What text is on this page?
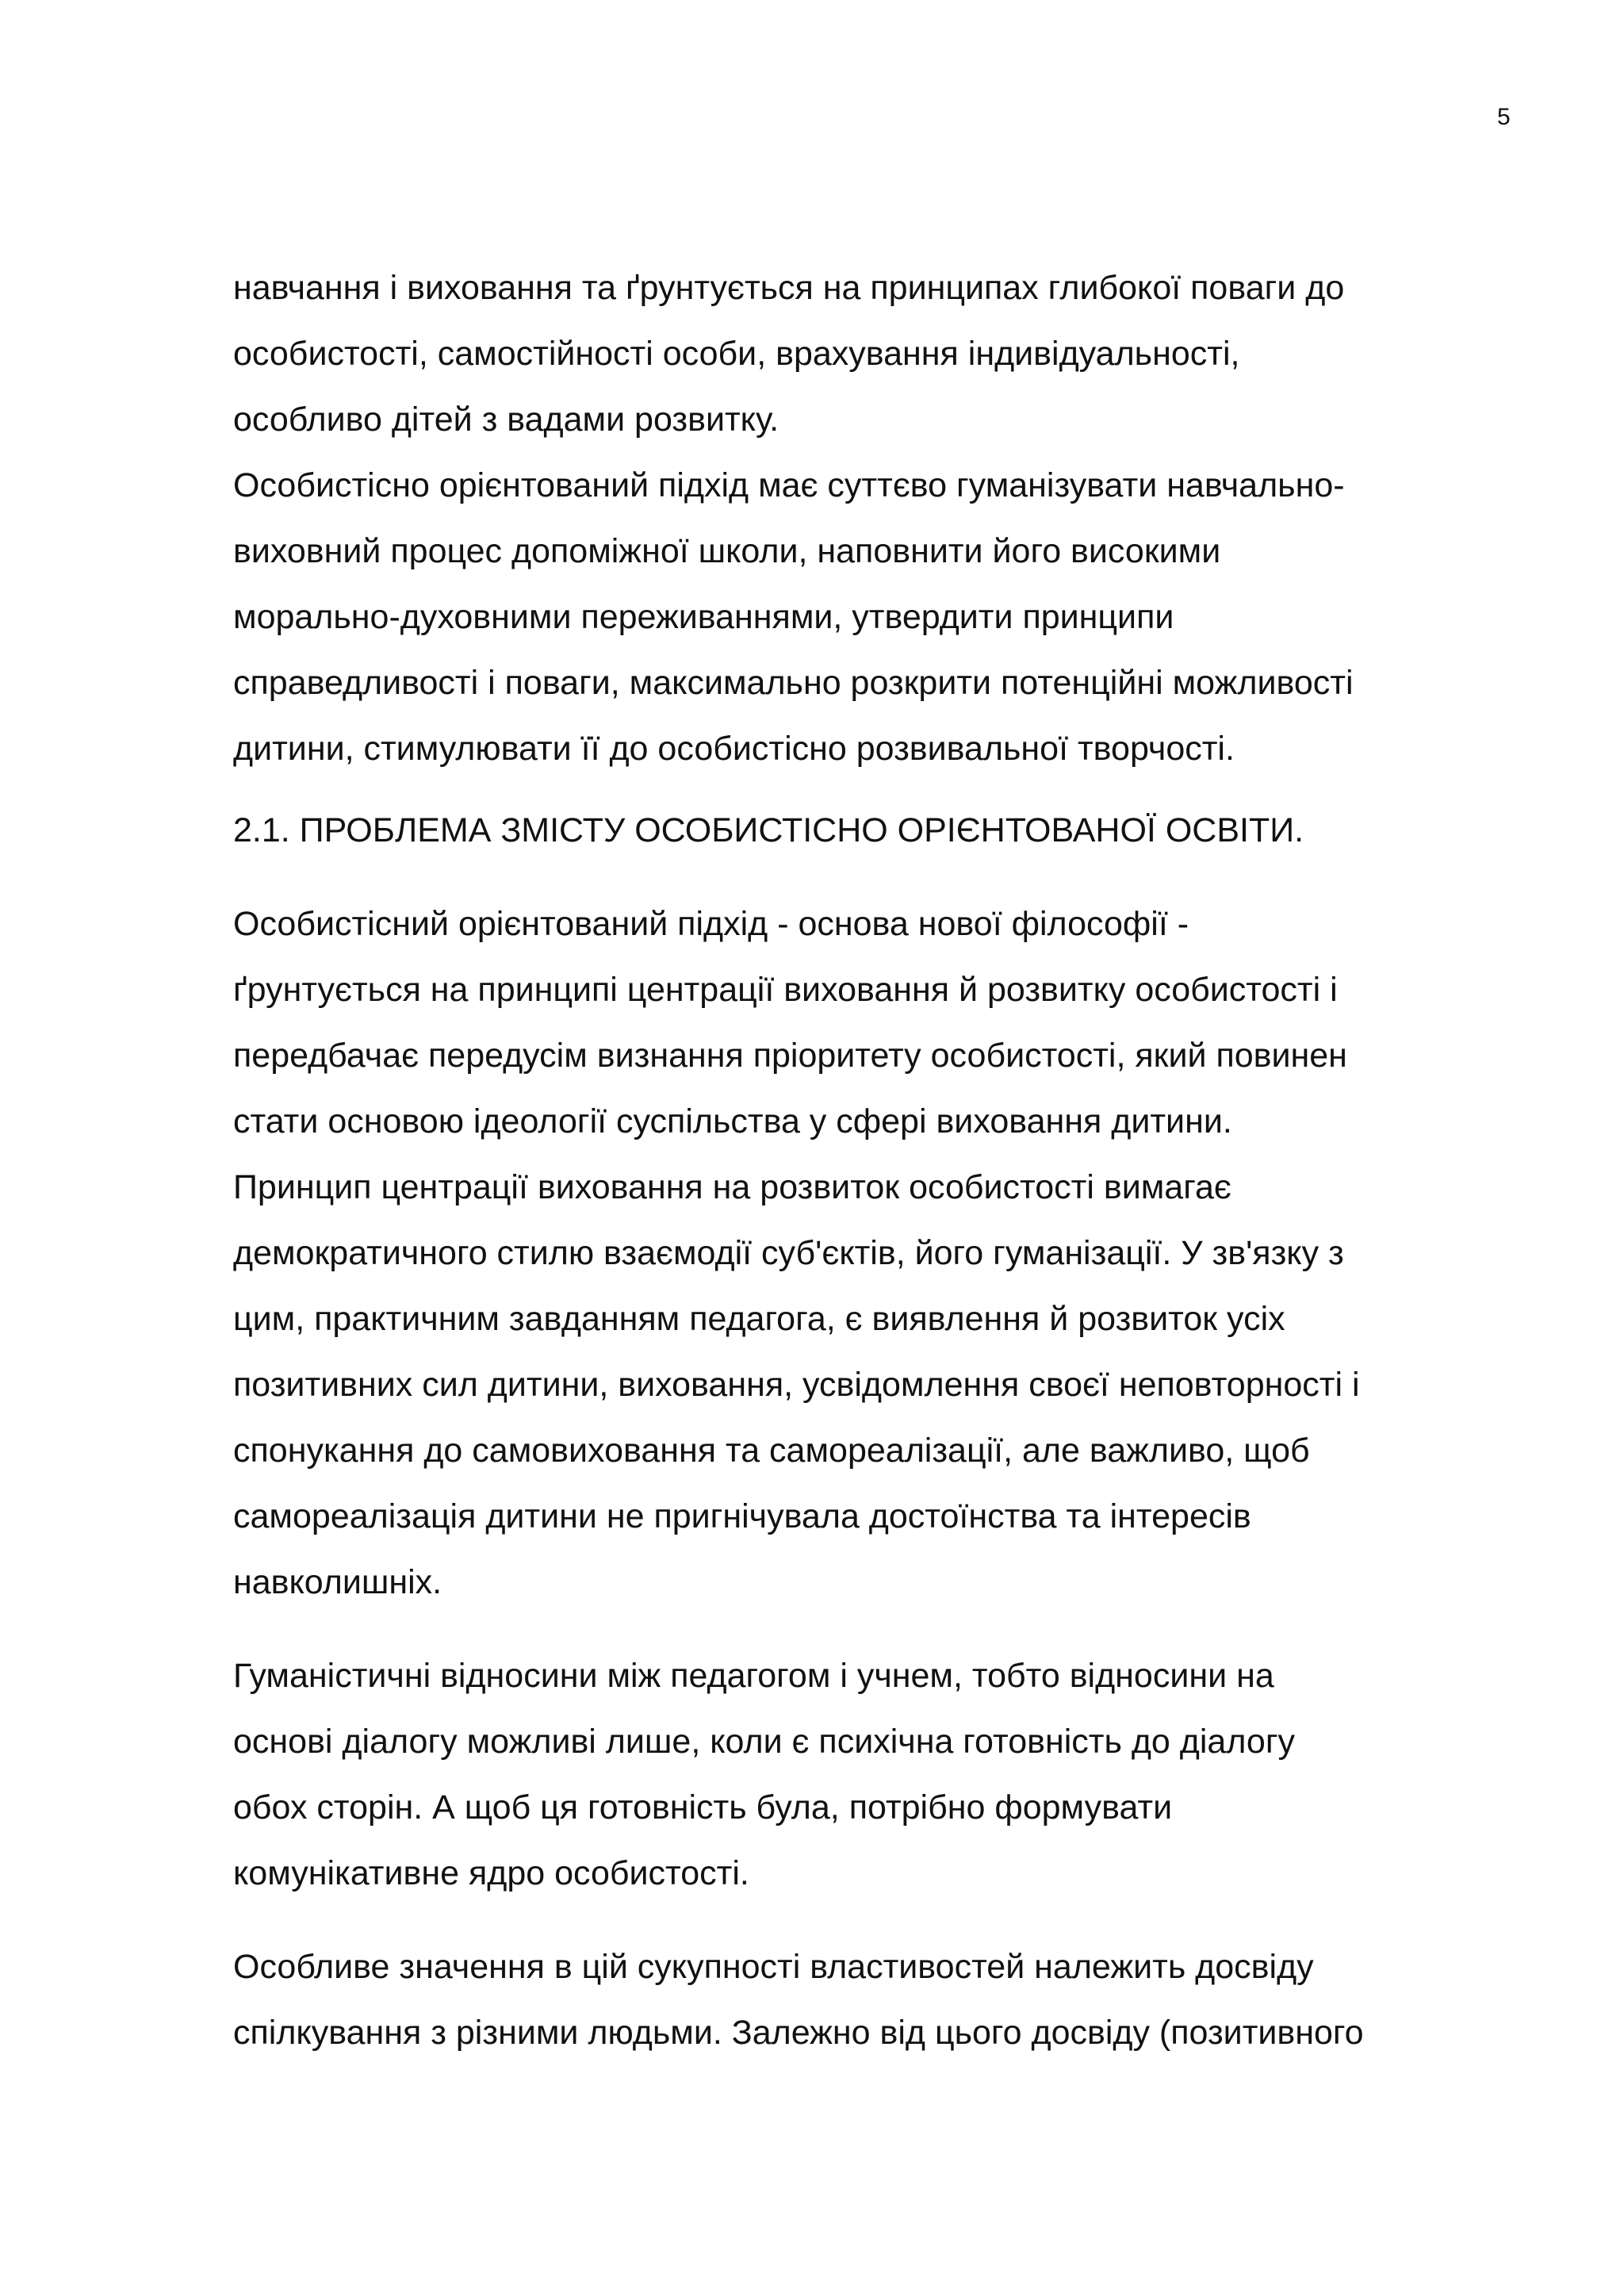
5
навчання і виховання та ґрунтується на принципах глибокої поваги до
особистості, самостійності особи, врахування індивідуальності,
особливо дітей з вадами розвитку.
Особистісно орієнтований підхід має суттєво гуманізувати навчально-
виховний процес допоміжної школи, наповнити його високими
морально-духовними переживаннями, утвердити принципи
справедливості і поваги, максимально розкрити потенційні можливості
дитини, стимулювати її до особистісно розвивальної творчості.
2.1. ПРОБЛЕМА ЗМІСТУ ОСОБИСТІСНО ОРІЄНТОВАНОЇ ОСВІТИ.
Особистісний орієнтований підхід - основа нової філософії -
ґрунтується на принципі центрації виховання й розвитку особистості і
передбачає передусім визнання пріоритету особистості, який повинен
стати основою ідеології суспільства у сфері виховання дитини.
Принцип центрації виховання на розвиток особистості вимагає
демократичного стилю взаємодії суб'єктів, його гуманізації. У зв'язку з
цим, практичним завданням педагога, є виявлення й розвиток усіх
позитивних сил дитини, виховання, усвідомлення своєї неповторності і
спонукання до самовиховання та самореалізації, але важливо, щоб
самореалізація дитини не пригнічувала достоїнства та інтересів
навколишніх.
Гуманістичні відносини між педагогом і учнем, тобто відносини на
основі діалогу можливі лише, коли є психічна готовність до діалогу
обох сторін. А щоб ця готовність була, потрібно формувати
комунікативне ядро особистості.
Особливе значення в цій сукупності властивостей належить досвіду
спілкування з різними людьми. Залежно від цього досвіду (позитивного
